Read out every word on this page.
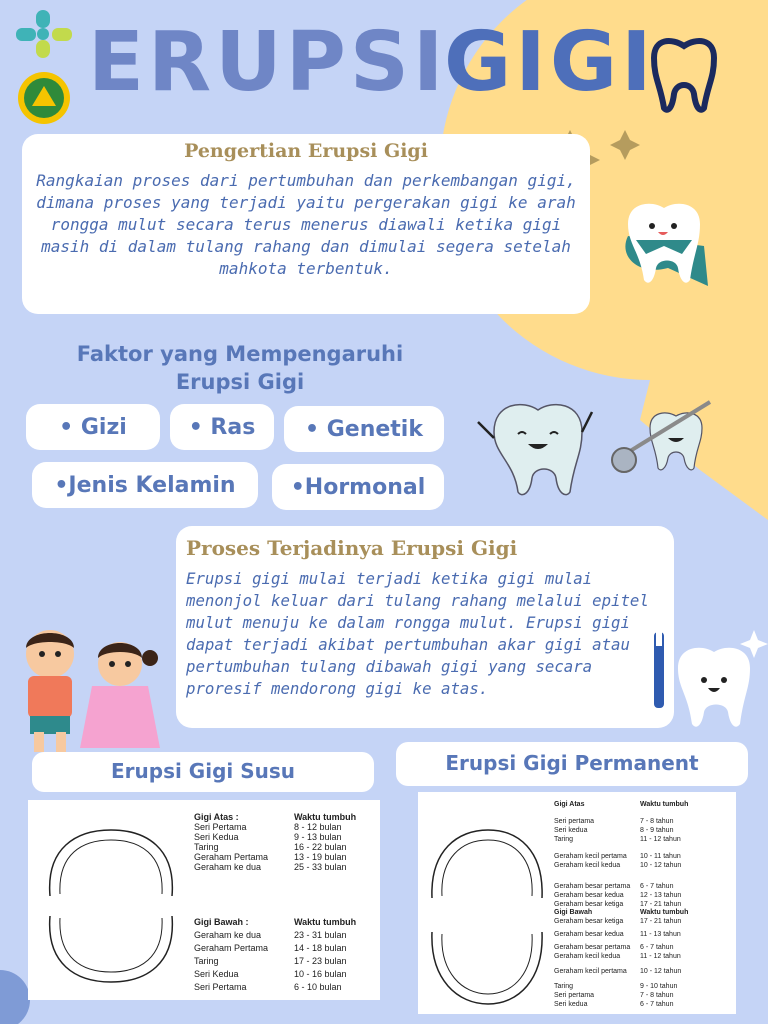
ERUPSI
GIGI
Pengertian Erupsi Gigi
Rangkaian proses dari pertumbuhan dan perkembangan gigi, dimana proses yang terjadi yaitu pergerakan gigi ke arah rongga mulut secara terus menerus diawali ketika gigi masih di dalam tulang rahang dan dimulai segera setelah mahkota terbentuk.
Faktor yang Mempengaruhi
Erupsi Gigi
• Gizi	• Ras	• Genetik
•Jenis Kelamin	•Hormonal
Proses Terjadinya Erupsi Gigi
Erupsi gigi mulai terjadi ketika gigi mulai menonjol keluar dari tulang rahang melalui epitel mulut menuju ke dalam rongga mulut. Erupsi gigi dapat terjadi akibat pertumbuhan akar gigi atau pertumbuhan tulang dibawah gigi yang secara proresif mendorong gigi ke atas.
Erupsi Gigi Susu	Erupsi Gigi Permanent
Gigi Atas :	Waktu tumbuh
Seri Pertama	8 - 12 bulan
Seri Kedua	9 - 13 bulan
Taring	16 - 22 bulan
Geraham Pertama	13 - 19 bulan
Geraham ke dua	25 - 33 bulan
Gigi Bawah :	Waktu tumbuh
Geraham ke dua	23 - 31 bulan
Geraham Pertama	14 - 18 bulan
Taring	17 - 23 bulan
Seri Kedua	10 - 16 bulan
Seri Pertama	6 - 10 bulan
Gigi Atas	Waktu tumbuh
Seri pertama	7 - 8 tahun
Seri kedua	8 - 9 tahun
Taring	11 - 12 tahun
Geraham kecil pertama	10 - 11 tahun
Geraham kecil kedua	10 - 12 tahun
Geraham besar pertama	6 - 7 tahun
Geraham besar kedua	12 - 13 tahun
Geraham besar ketiga	17 - 21 tahun
Gigi Bawah	Waktu tumbuh
Geraham besar ketiga	17 - 21 tahun
Geraham besar kedua	11 - 13 tahun
Geraham besar pertama	6 - 7 tahun
Geraham kecil kedua	11 - 12 tahun
Geraham kecil pertama	10 - 12 tahun
Taring	9 - 10 tahun
Seri pertama	7 - 8 tahun
Seri kedua	6 - 7 tahun
